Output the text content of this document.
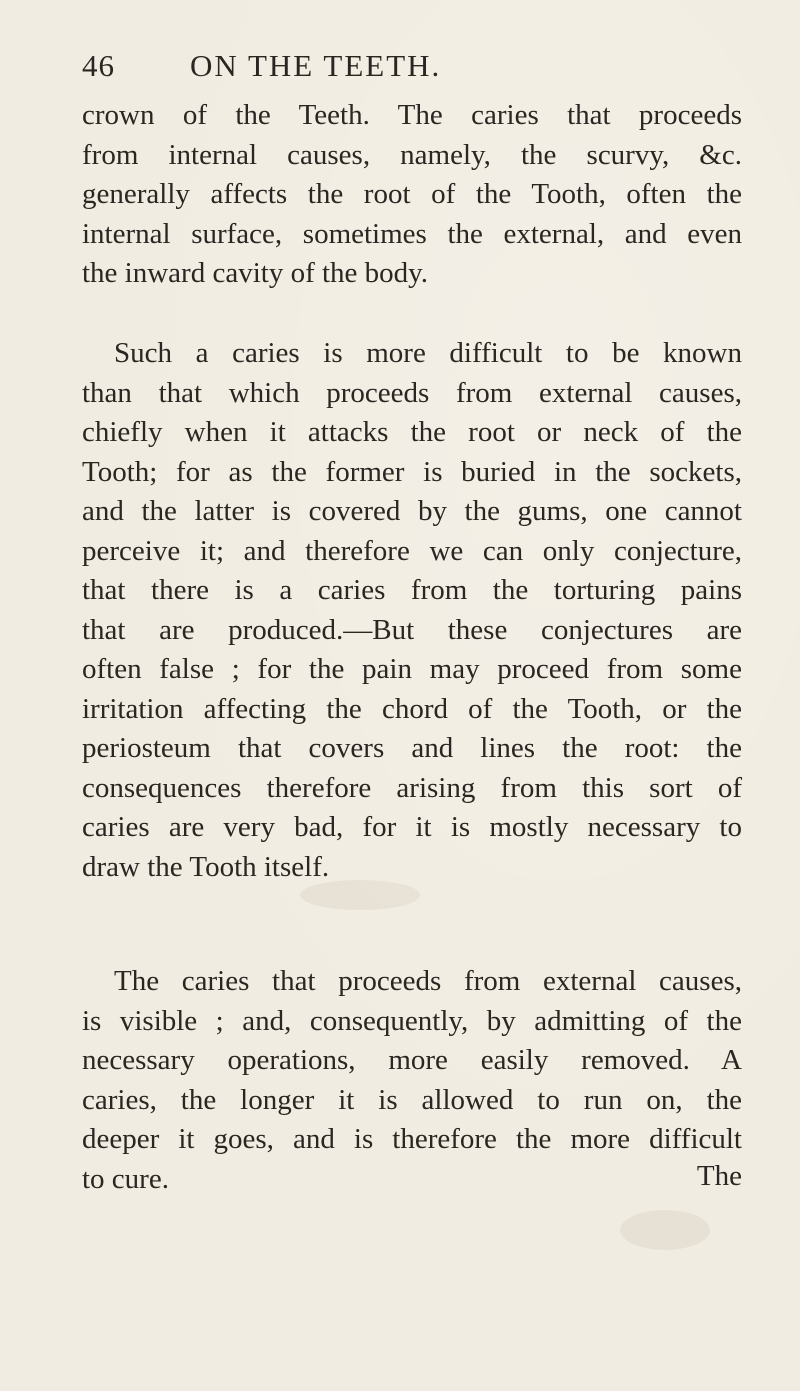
46 ON THE TEETH.
crown of the Teeth. The caries that proceeds
from internal causes, namely, the scurvy, &c.
generally affects the root of the Tooth, often the
internal surface, sometimes the external, and even
the inward cavity of the body.
Such a caries is more difficult to be known
than that which proceeds from external causes,
chiefly when it attacks the root or neck of the
Tooth; for as the former is buried in the sockets,
and the latter is covered by the gums, one cannot
perceive it; and therefore we can only conjecture,
that there is a caries from the torturing pains
that are produced.—But these conjectures are
often false ; for the pain may proceed from some
irritation affecting the chord of the Tooth, or the
periosteum that covers and lines the root: the
consequences therefore arising from this sort of
caries are very bad, for it is mostly necessary to
draw the Tooth itself.
The caries that proceeds from external causes,
is visible ; and, consequently, by admitting of the
necessary operations, more easily removed. A
caries, the longer it is allowed to run on, the
deeper it goes, and is therefore the more difficult
to cure.	The
